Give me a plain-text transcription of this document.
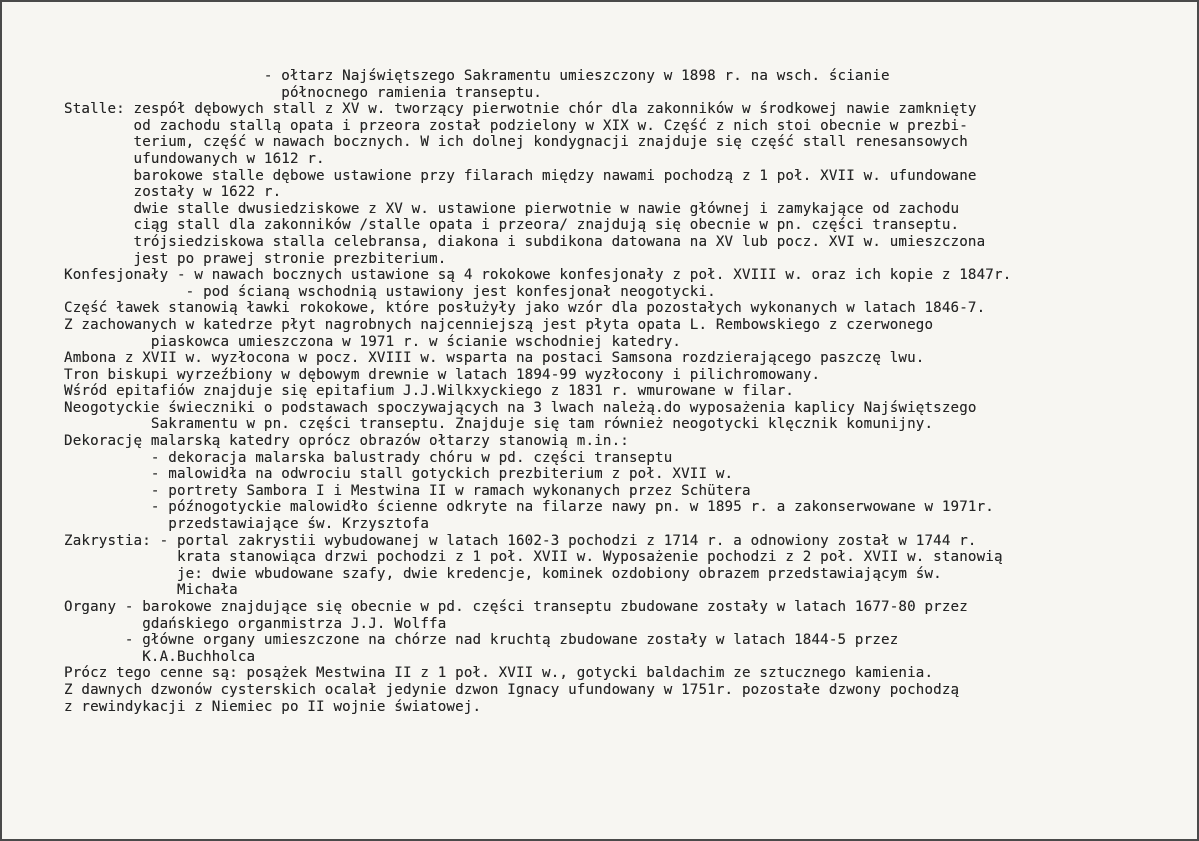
- ołtarz Najświętszego Sakramentu umieszczony w 1898 r. na wsch. ścianie
północnego ramienia transeptu.
Stalle: zespół dębowych stall z XV w. tworzący pierwotnie chór dla zakonników w środkowej nawie zamknięty
od zachodu stallą opata i przeora został podzielony w XIX w. Część z nich stoi obecnie w prezbi-
terium, część w nawach bocznych. W ich dolnej kondygnacji znajduje się część stall renesansowych
ufundowanych w 1612 r.
barokowe stalle dębowe ustawione przy filarach między nawami pochodzą z 1 poł. XVII w. ufundowane
zostały w 1622 r.
dwie stalle dwusiedziskowe z XV w. ustawione pierwotnie w nawie głównej i zamykające od zachodu
ciąg stall dla zakonników /stalle opata i przeora/ znajdują się obecnie w pn. części transeptu.
trójsiedziskowa stalla celebransa, diakona i subdikona datowana na XV lub pocz. XVI w. umieszczona
jest po prawej stronie prezbiterium.
Konfesjonały - w nawach bocznych ustawione są 4 rokokowe konfesjonały z poł. XVIII w. oraz ich kopie z 1847r.
- pod ścianą wschodnią ustawiony jest konfesjonał neogotycki.
Część ławek stanowią ławki rokokowe, które posłużyły jako wzór dla pozostałych wykonanych w latach 1846-7.
Z zachowanych w katedrze płyt nagrobnych najcenniejszą jest płyta opata L. Rembowskiego z czerwonego
piaskowca umieszczona w 1971 r. w ścianie wschodniej katedry.
Ambona z XVII w. wyzłocona w pocz. XVIII w. wsparta na postaci Samsona rozdzierającego paszczę lwu.
Tron biskupi wyrzeźbiony w dębowym drewnie w latach 1894-99 wyzłocony i pilichromowany.
Wśród epitafiów znajduje się epitafium J.J.Wilkxyckiego z 1831 r. wmurowane w filar.
Neogotyckie świeczniki o podstawach spoczywających na 3 lwach należą.do wyposażenia kaplicy Najświętszego
Sakramentu w pn. części transeptu. Znajduje się tam również neogotycki klęcznik komunijny.
Dekorację malarską katedry oprócz obrazów ołtarzy stanowią m.in.:
- dekoracja malarska balustrady chóru w pd. części transeptu
- malowidła na odwrociu stall gotyckich prezbiterium z poł. XVII w.
- portrety Sambora I i Mestwina II w ramach wykonanych przez Schütera
- późnogotyckie malowidło ścienne odkryte na filarze nawy pn. w 1895 r. a zakonserwowane w 1971r.
przedstawiające św. Krzysztofa
Zakrystia: - portal zakrystii wybudowanej w latach 1602-3 pochodzi z 1714 r. a odnowiony został w 1744 r.
krata stanowiąca drzwi pochodzi z 1 poł. XVII w. Wyposażenie pochodzi z 2 poł. XVII w. stanowią
je: dwie wbudowane szafy, dwie kredencje, kominek ozdobiony obrazem przedstawiającym św.
Michała
Organy - barokowe znajdujące się obecnie w pd. części transeptu zbudowane zostały w latach 1677-80 przez
gdańskiego organmistrza J.J. Wolffa
- główne organy umieszczone na chórze nad kruchtą zbudowane zostały w latach 1844-5 przez
K.A.Buchholca
Prócz tego cenne są: posążek Mestwina II z 1 poł. XVII w., gotycki baldachim ze sztucznego kamienia.
Z dawnych dzwonów cysterskich ocalał jedynie dzwon Ignacy ufundowany w 1751r. pozostałe dzwony pochodzą
z rewindykacji z Niemiec po II wojnie światowej.
